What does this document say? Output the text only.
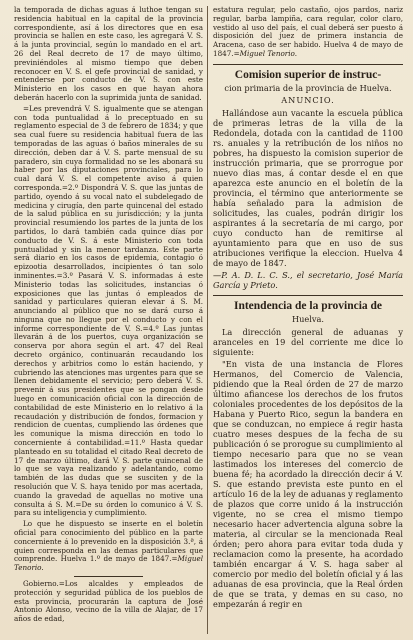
la temporada de dichas aguas á luthoe tengan su residencia habitual en la capital de la provincia correspondiente, así á los directores que en esa provincia se hallen en este caso, les agregará V. S. á la junta provincial, según lo mandado en el art. 26 del Real decreto de 17 de mayo último, previniéndoles al mismo tiempo que deben reconocer en V. S. el gefe provincial de sanidad, y entenderse por conducto de V. S. con este Ministerio en los casos en que hayan ahora deberán hacerlo con la suprimida junta de sanidad.

=Les prevendrá V. S. igualmente que se atengan con toda puntualidad á lo preceptuado en su reglamento especial de 3 de febrero de 1834; y que sea cual fuere su residencia habitual fuera de las temporadas de las aguas ó baños minerales de su dirección, deben dar á V. S. parte mensual de su paradero, sin cuya formalidad no se les abonará su haber por las diputaciones provinciales, para lo cual dará V. S. el competente aviso á quien corresponda.=2.º Dispondrá V. S. que las juntas de partido, oyendo á su vocal nato el subdelegado de medicina y cirugía, den parte quincenal del estado de la salud pública en su jurisdicción; y la junta provincial resumiendo los partes de la junta de los partidos, lo dará también cada quince días por conducto de V. S. á este Ministerio con toda puntualidad y sin la menor tardanza. Este parte será diario en los casos de epidemia, contagio ó epizootia desarrollados, incipientes ó tan solo inminentes.=3.º Pasará V. S. informadas á este Ministerio todas las solicitudes, instancias ó exposiciones que las juntas ó empleados de sanidad y particulares quieran elevar á S. M. anunciando al público que no se dará curso á ninguna que no llegue por el conducto y con el informe correspondiente de V. S.=4.º Las juntas llevarán á de los puertos, cuya organización se conserva por ahora según el art. 47 del Real decreto orgánico, continuarán recaudando los derechos y arbitrios como lo están haciendo, y cubriendo las atenciones mas urgentes para que se llenen debidamente el servicio; pero deberá V. S. prevenir á sus presidentes que se pongan desde luego en comunicación oficial con la dirección de contabilidad de este Ministerio en lo relativo á la recaudación y distribución de fondos, formacion y rendicion de cuentas, cumpliendo las órdenes que les comunique la misma dirección en todo lo concerniente á contabilidad.=11.º Hasta quedar planteado en su totalidad el citado Real decreto de 17 de marzo último, dará V. S. parte quincenal de lo que se vaya realizando y adelantando, como también de las dudas que se susciten y de la resolución que V. S. haya tenido por mas acertada, cuando la gravedad de aquellas no motive una consulta á S. M.=De su órden lo comunico á V. S. para su inteligencia y cumplimiento.

Lo que he dispuesto se inserte en el boletín oficial para conocimiento del público en la parte concerniente á lo prevenido en la disposición 3.ª, á quien corresponda en las demas particulares que comprende. Huelva 1.º de mayo de 1847.=Miguel Tenorio.

Gobierno.=Los alcaldes y empleados de protección y seguridad pública de los pueblos de esta provincia, procurarán la captura de José Antonio Alonso, vecino de la villa de Alajar, de 17 años de edad,

estatura regular, pelo castaño, ojos pardos, nariz regular, barba lampiña, cara regular, color claro, vestido al uso del país, el cual deberá ser puesto á disposición del juez de primera instancia de Aracena, caso de ser habido. Huelva 4 de mayo de 1847.=Miguel Tenorio.

Comision superior de instruc-
cion primaria de la provincia de Huelva.
ANUNCIO.

Hallándose aun vacante la escuela pública de primeras letras de la villa de la Redondela, dotada con la cantidad de 1100 rs. anuales y la retribución de los niños no pobres, ha dispuesto la comision superior de instrucción primaria, que se prorrogue por nuevo dias mas, á contar desde el en que aparezca este anuncio en el boletín de la provincia, el término que anteriormente se había señalado para la admision de solicitudes, las cuales, podrán dirigir los aspirantes á la secretaría de mi cargo, por cuyo conducto han de remitirse al ayuntamiento para que en uso de sus atribuciones verifique la eleccion. Huelva 4 de mayo de 1847.

—P. A. D. L. C. S., el secretario, José María García y Prieto.

Intendencia de la provincia de
Huelva.

La dirección general de aduanas y aranceles en 19 del corriente me dice lo siguiente:

"En vista de una instancia de Flores Hermanos, del Comercio de Valencia, pidiendo que la Real órden de 27 de marzo último afiancese los derechos de los frutos coloniales procedentes de los depósitos de la Habana y Puerto Rico, segun la bandera en que se conduzcan, no empiece á regir hasta cuatro meses despues de la fecha de su publicación ó se prorogue su cumplimiento al tiempo necesario para que no se vean lastimados los intereses del comercio de buena fé; ha acordado la dirección decir á V. S. que estando prevista este punto en el artículo 16 de la ley de aduanas y reglamento de plazos que corre unido á la instrucción vigente, no se crea el mismo tiempo necesario hacer advertencia alguna sobre la materia, al circular se la mencionada Real órden; pero ahora para evitar toda duda y reclamacion como la presente, ha acordado también encargar á V. S. haga saber al comercio por medio del boletín oficial y á las aduanas de esa provincia, que la Real órden de que se trata, y demas en su caso, no empezarán á regir en
